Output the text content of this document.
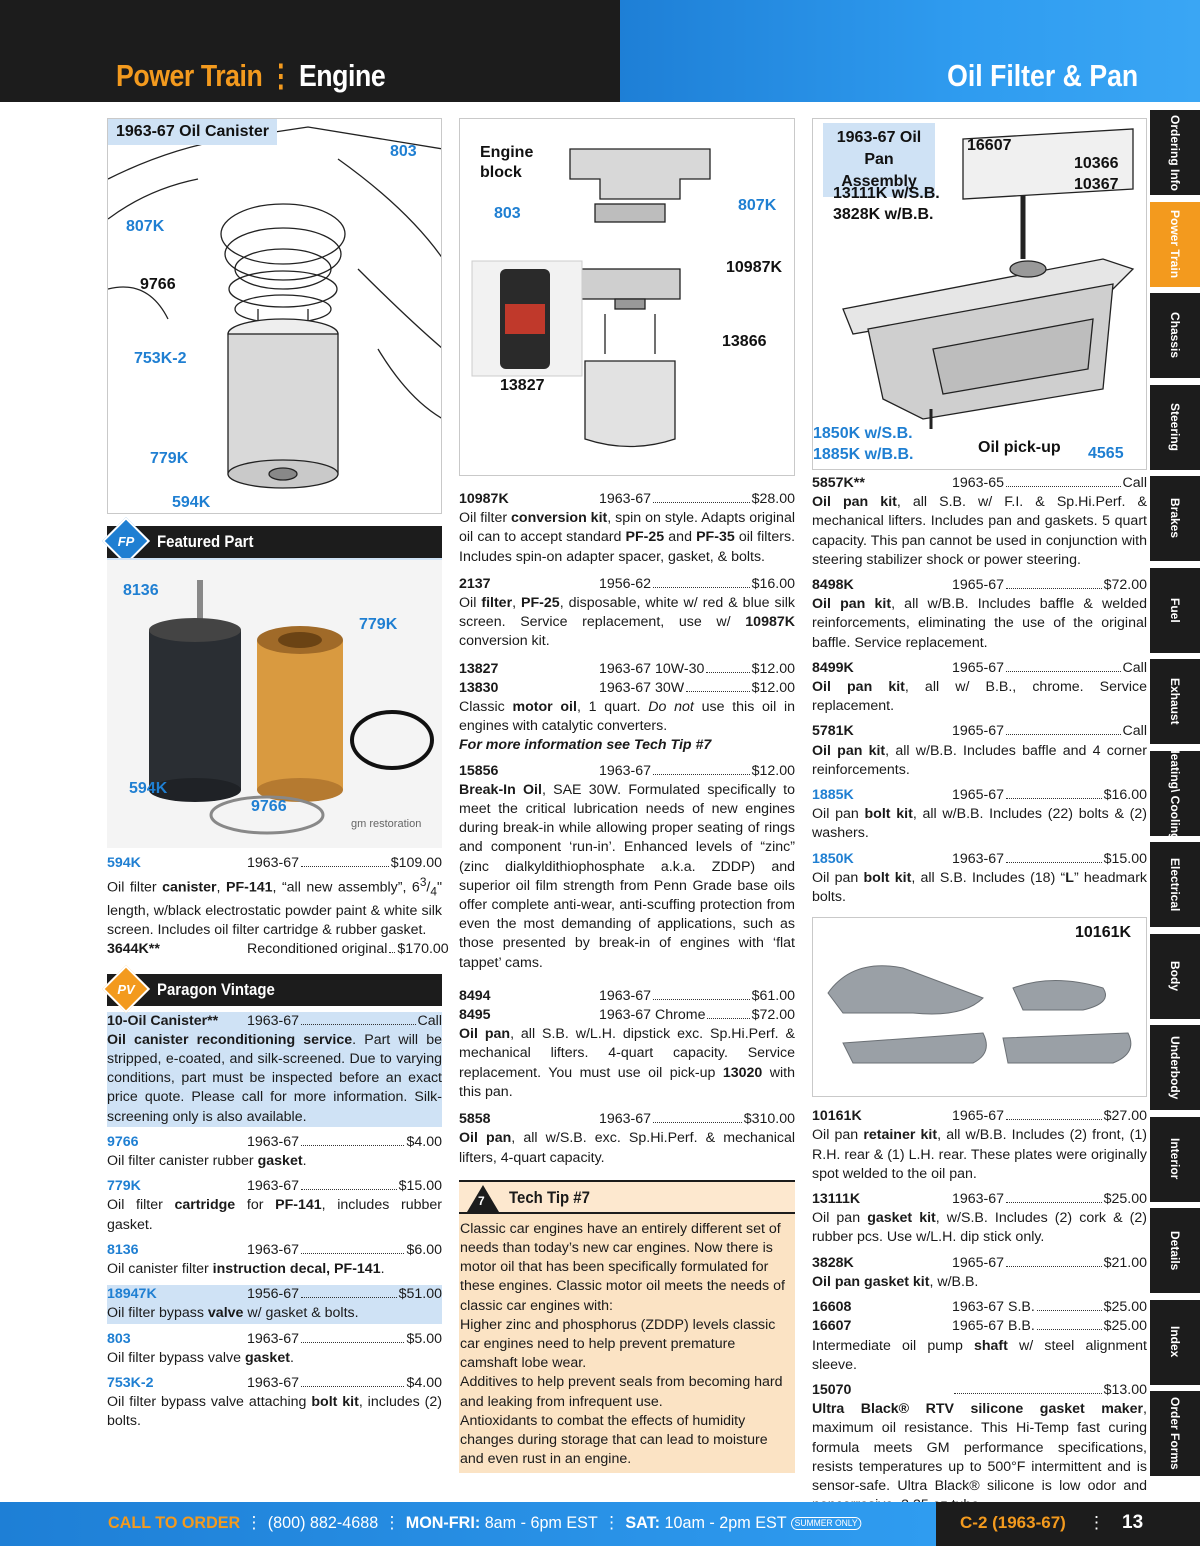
Power Train ⋮ Engine	Oil Filter & Pan
Ordering Info
Power Train
Chassis
Steering
Brakes
Fuel
Exhaust
Heating\ Cooling
Electrical
Body
Underbody
Interior
Details
Index
Order Forms
1963-67 Oil Canister
803
807K
9766
753K-2
779K
594K
FP	Featured Part
8136
779K
594K
9766
gm restoration
594K	1963-67	$109.00
Oil filter canister, PF-141, “all new assembly”, $6^3/_4$" length, w/black electrostatic powder paint & white silk screen. Includes oil filter cartridge & rubber gasket.
3644K**	Reconditioned original $170.00
PV	Paragon Vintage
10-Oil Canister**	1963-67	Call
Oil canister reconditioning service. Part will be stripped, e-coated, and silk-screened. Due to varying conditions, part must be inspected before an exact price quote. Please call for more information. Silk-screening only is also available.
9766	1963-67	$4.00
Oil filter canister rubber gasket.
779K	1963-67	$15.00
Oil filter cartridge for PF-141, includes rubber gasket.
8136	1963-67	$6.00
Oil canister filter instruction decal, PF-141.
18947K	1956-67	$51.00
Oil filter bypass valve w/ gasket & bolts.
803	1963-67	$5.00
Oil filter bypass valve gasket.
753K-2	1963-67	$4.00
Oil filter bypass valve attaching bolt kit, includes (2) bolts.
Engine block
803	807K
10987K
13866
13827
10987K	1963-67	$28.00
Oil filter conversion kit, spin on style. Adapts original oil can to accept standard PF-25 and PF-35 oil filters. Includes spin-on adapter spacer, gasket, & bolts.
2137	1956-62	$16.00
Oil filter, PF-25, disposable, white w/ red & blue silk screen. Service replacement, use w/ 10987K conversion kit.
13827	1963-67 10W-30	$12.00
13830	1963-67 30W	$12.00
Classic motor oil, 1 quart. Do not use this oil in engines with catalytic converters.
For more information see Tech Tip #7
15856	1963-67	$12.00
Break-In Oil, SAE 30W. Formulated specifically to meet the critical lubrication needs of new engines during break-in while allowing proper seating of rings and component ‘run-in’. Enhanced levels of “zinc” (zinc dialkyldithiophosphate a.k.a. ZDDP) and superior oil film strength from Penn Grade base oils offer complete anti-wear, anti-scuffing protection from even the most demanding of applications, such as those presented by break-in of engines with ‘flat tappet’ cams.
8494	1963-67	$61.00
8495	1963-67 Chrome	$72.00
Oil pan, all S.B. w/L.H. dipstick exc. Sp.Hi.Perf. & mechanical lifters. 4-quart capacity. Service replacement. You must use oil pick-up 13020 with this pan.
5858	1963-67	$310.00
Oil pan, all w/S.B. exc. Sp.Hi.Perf. & mechanical lifters, 4-quart capacity.
7 Tech Tip #7

Classic car engines have an entirely different set of needs than today’s new car engines. Now there is motor oil that has been specifically formulated for these engines. Classic motor oil meets the needs of classic car engines with:

Higher zinc and phosphorus (ZDDP) levels classic car engines need to help prevent premature camshaft lobe wear.

Additives to help prevent seals from becoming hard and leaking from infrequent use.

Antioxidants to combat the effects of humidity changes during storage that can lead to moisture and even rust in an engine.

1963-67 Oil Pan Assembly
16607
10366
10367
13111K w/S.B.
3828K w/B.B.
1850K w/S.B.
1885K w/B.B.	Oil pick-up 4565
5857K**	1963-65	Call
Oil pan kit, all S.B. w/ F.I. & Sp.Hi.Perf. & mechanical lifters. Includes pan and gaskets. 5 quart capacity. This pan cannot be used in conjunction with steering stabilizer shock or power steering.
8498K	1965-67	$72.00
Oil pan kit, all w/B.B. Includes baffle & welded reinforcements, eliminating the use of the original baffle. Service replacement.
8499K	1965-67	Call
Oil pan kit, all w/ B.B., chrome. Service replacement.
5781K	1965-67	Call
Oil pan kit, all w/B.B. Includes baffle and 4 corner reinforcements.
1885K	1965-67	$16.00
Oil pan bolt kit, all w/B.B. Includes (22) bolts & (2) washers.
1850K	1963-67	$15.00
Oil pan bolt kit, all S.B. Includes (18) “L” headmark bolts.
10161K
10161K	1965-67	$27.00
Oil pan retainer kit, all w/B.B. Includes (2) front, (1) R.H. rear & (1) L.H. rear. These plates were originally spot welded to the oil pan.
13111K	1963-67	$25.00
Oil pan gasket kit, w/S.B. Includes (2) cork & (2) rubber pcs. Use w/L.H. dip stick only.
3828K	1965-67	$21.00
Oil pan gasket kit, w/B.B.
16608	1963-67 S.B.	$25.00
16607	1965-67 B.B.	$25.00
Intermediate oil pump shaft w/ steel alignment sleeve.
15070	$13.00
Ultra Black® RTV silicone gasket maker, maximum oil resistance. This Hi-Temp fast curing formula meets GM performance specifications, resists temperatures up to 500°F intermittent and is sensor-safe. Ultra Black® silicone is low odor and
CALL TO ORDER ⋮ (800) 882-4688 ⋮ MON-FRI: 8am - 6pm EST ⋮ SAT: 10am - 2pm EST SUMMER ONLY	C-2 (1963-67) ⋮ 13
